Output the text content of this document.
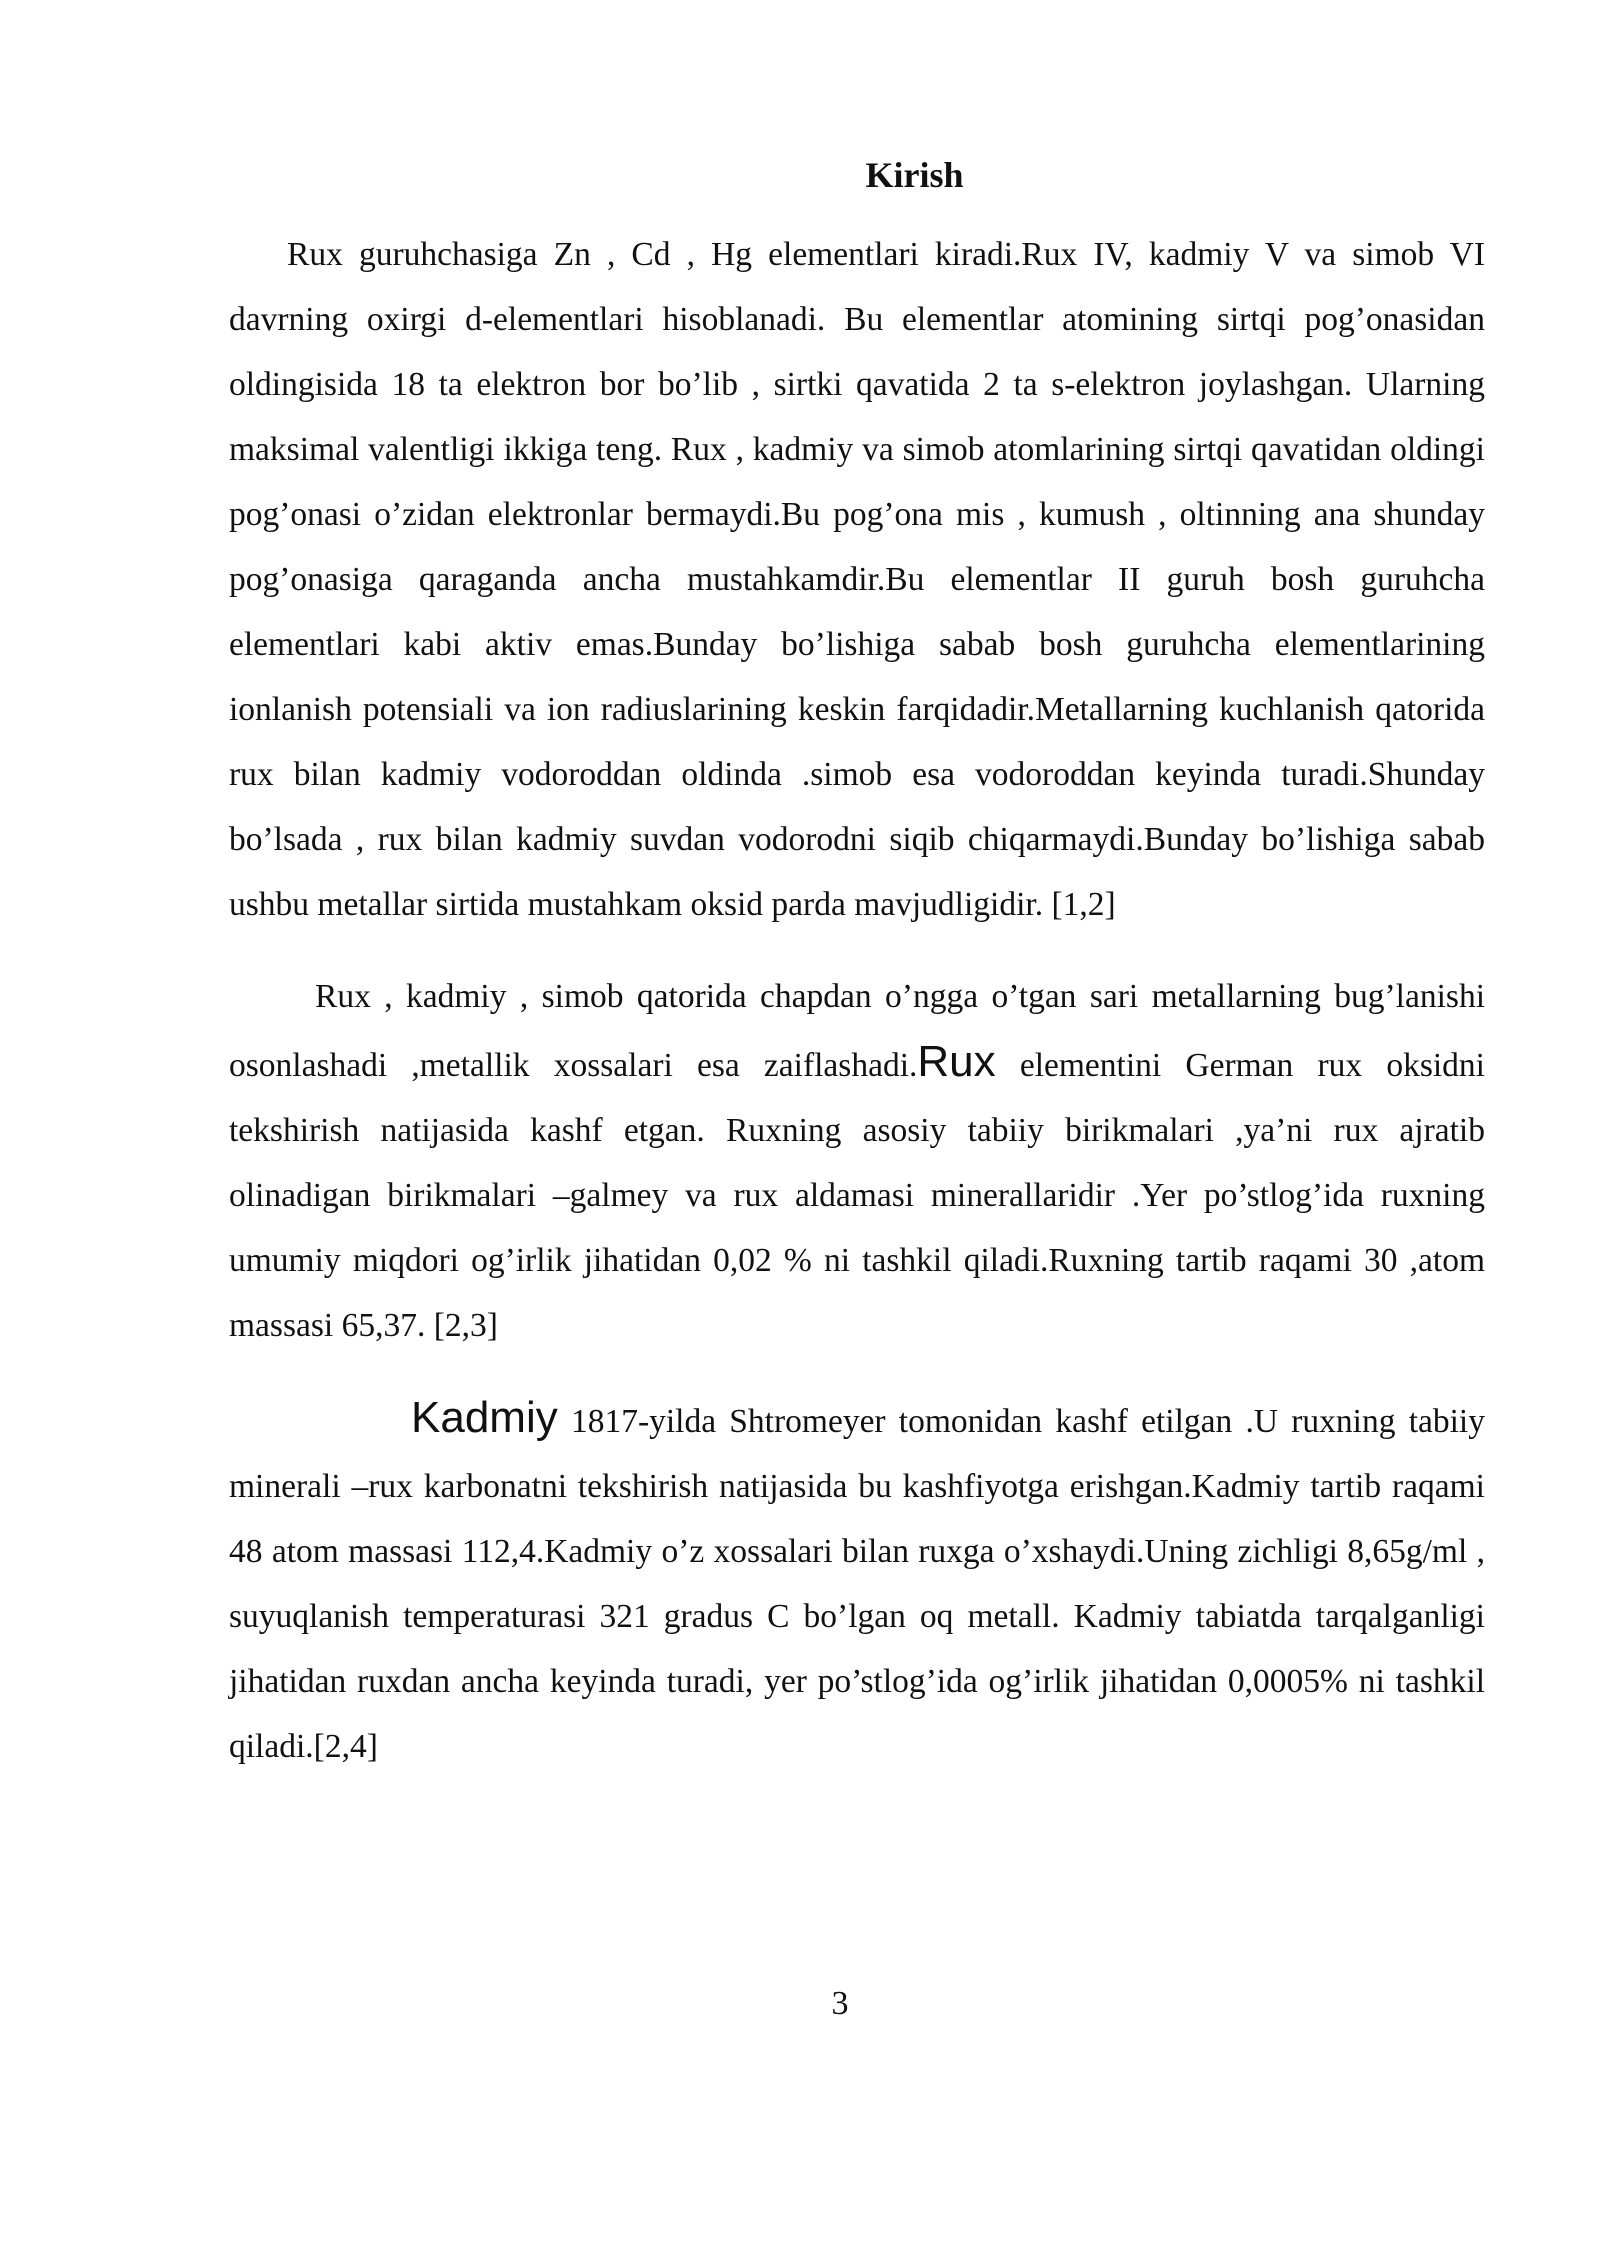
Kirish

Rux guruhchasiga Zn , Cd , Hg elementlari kiradi.Rux IV, kadmiy V va simob VI davrning oxirgi d-elementlari hisoblanadi. Bu elementlar atomining sirtqi pog’onasidan oldingisida 18 ta elektron bor bo’lib , sirtki qavatida 2 ta s-elektron joylashgan. Ularning maksimal valentligi ikkiga teng. Rux , kadmiy va simob atomlarining sirtqi qavatidan oldingi pog’onasi o’zidan elektronlar bermaydi.Bu pog’ona mis , kumush , oltinning ana shunday pog’onasiga qaraganda ancha mustahkamdir.Bu elementlar II guruh bosh guruhcha elementlari kabi aktiv emas.Bunday bo’lishiga sabab bosh guruhcha elementlarining ionlanish potensiali va ion radiuslarining keskin farqidadir.Metallarning kuchlanish qatorida rux bilan kadmiy vodoroddan oldinda .simob esa vodoroddan keyinda turadi.Shunday bo’lsada , rux bilan kadmiy suvdan vodorodni siqib chiqarmaydi.Bunday bo’lishiga sabab ushbu metallar sirtida mustahkam oksid parda mavjudligidir. [1,2]

Rux , kadmiy , simob qatorida chapdan o’ngga o’tgan sari metallarning bug’lanishi osonlashadi ,metallik xossalari esa zaiflashadi.Rux elementini German rux oksidni tekshirish natijasida kashf etgan. Ruxning asosiy tabiiy birikmalari ,ya’ni rux ajratib olinadigan birikmalari –galmey va rux aldamasi minerallaridir .Yer po’stlog’ida ruxning umumiy miqdori og’irlik jihatidan 0,02 % ni tashkil qiladi.Ruxning tartib raqami 30 ,atom massasi 65,37. [2,3]

Kadmiy 1817-yilda Shtromeyer tomonidan kashf etilgan .U ruxning tabiiy minerali –rux karbonatni tekshirish natijasida bu kashfiyotga erishgan.Kadmiy tartib raqami 48 atom massasi 112,4.Kadmiy o’z xossalari bilan ruxga o’xshaydi.Uning zichligi 8,65g/ml , suyuqlanish temperaturasi 321 gradus C bo’lgan oq metall. Kadmiy tabiatda tarqalganligi jihatidan ruxdan ancha keyinda turadi, yer po’stlog’ida og’irlik jihatidan 0,0005% ni tashkil qiladi.[2,4]

3
